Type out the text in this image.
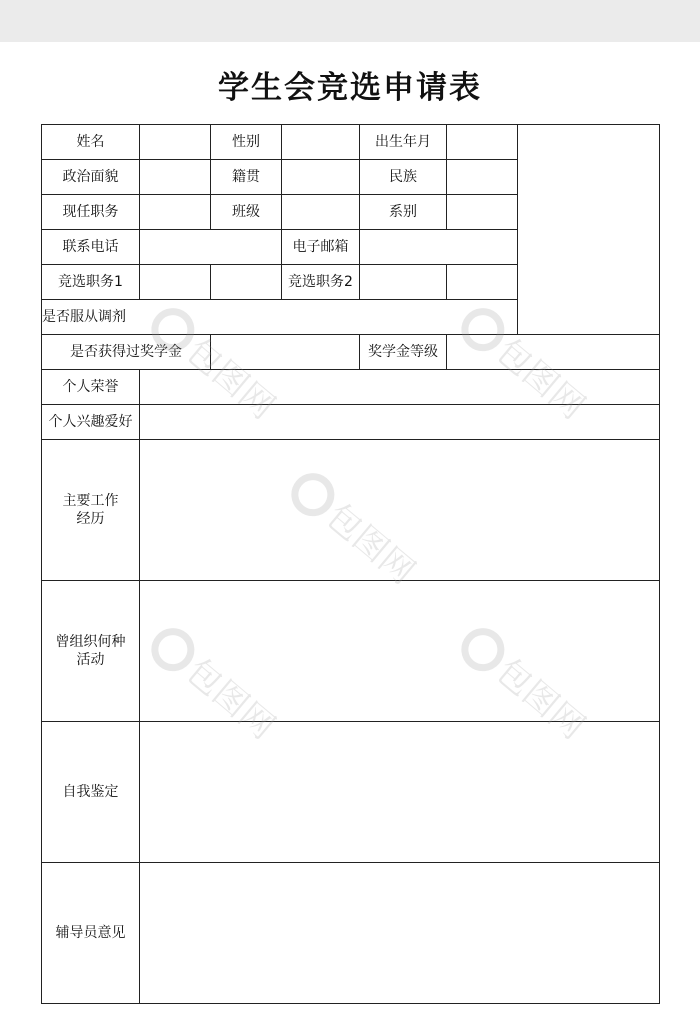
学生会竞选申请表
姓名		性别		出生年月		
政治面貌		籍贯		民族		
现任职务		班级		系别		
联系电话			电子邮箱			
竞选职务1			竞选职务2			
是否服从调剂						
是否获得过奖学金				奖学金等级		
个人荣誉						
个人兴趣爱好						
主要工作
经历						
曾组织何种
活动						
自我鉴定						
辅导员意见						
包图网	包图网
包图网
包图网	包图网
